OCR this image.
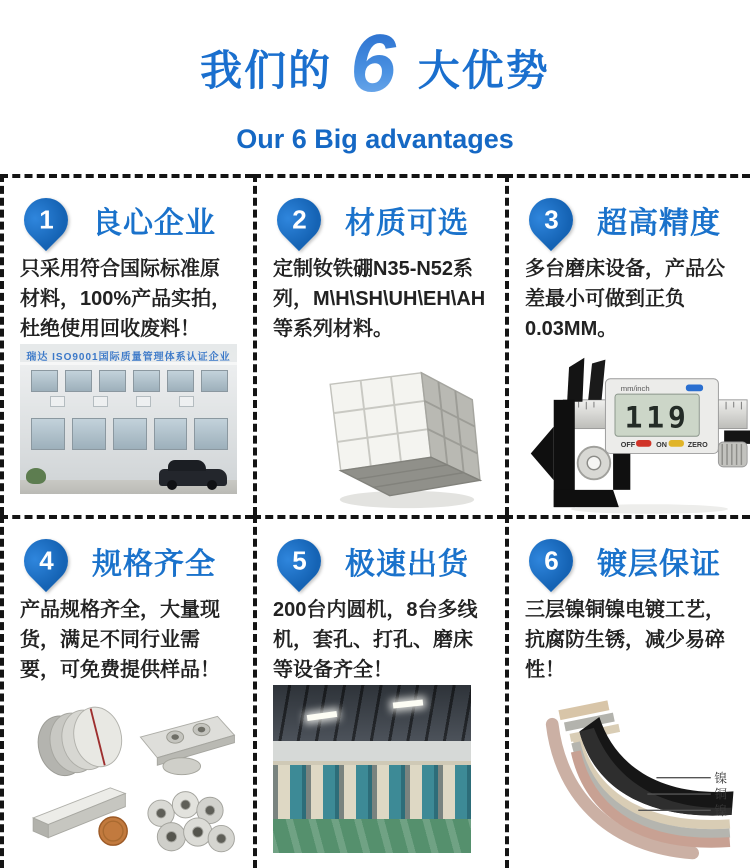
我们的 6 大优势
Our 6 Big advantages
1 良心企业
只采用符合国际标准原材料，100%产品实拍，杜绝使用回收废料！
瑞达 ISO9001国际质量管理体系认证企业
2 材质可选
定制钕铁硼N35-N52系列，M\H\SH\UH\EH\AH等系列材料。
3 超高精度
多台磨床设备，产品公差最小可做到正负0.03MM。
mm/inch
119
OFF	ON	ZERO
4 规格齐全
产品规格齐全，大量现货，满足不同行业需要，可免费提供样品！
5 极速出货
200台内圆机，8台多线机，套孔、打孔、磨床等设备齐全！
6 镀层保证
三层镍铜镍电镀工艺，抗腐防生锈，减少易碎性！
镍
铜
镍
